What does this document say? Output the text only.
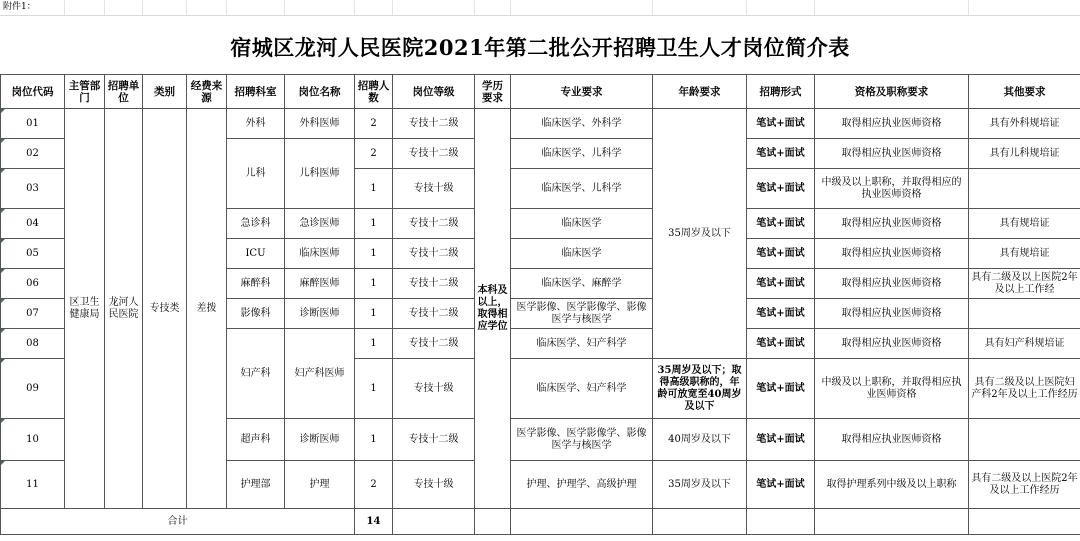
附件1：
宿城区龙河人民医院2021年第二批公开招聘卫生人才岗位简介表
岗位代码	主管部门	招聘单位	类别	经费来源	招聘科室	岗位名称	招聘人数	岗位等级	学历要求	专业要求	年龄要求	招聘形式	资格及职称要求	其他要求
01	区卫生健康局	龙河人民医院	专技类	差拨	外科	外科医师	2	专技十二级	本科及以上，取得相应学位	临床医学、外科学	35周岁及以下	笔试+面试	取得相应执业医师资格	具有外科规培证
02					儿科	儿科医师	2	专技十二级		临床医学、儿科学		笔试+面试	取得相应执业医师资格	具有儿科规培证
03							1	专技十级		临床医学、儿科学		笔试+面试	中级及以上职称，并取得相应的执业医师资格	
04					急诊科	急诊医师	1	专技十二级		临床医学		笔试+面试	取得相应执业医师资格	具有规培证
05					ICU	临床医师	1	专技十二级		临床医学		笔试+面试	取得相应执业医师资格	具有规培证
06					麻醉科	麻醉医师	1	专技十二级		临床医学、麻醉学		笔试+面试	取得相应执业医师资格	具有二级及以上医院2年及以上工作经
07					影像科	诊断医师	1	专技十二级		医学影像、医学影像学、影像医学与核医学		笔试+面试	取得相应执业医师资格	
08					妇产科	妇产科医师	1	专技十二级		临床医学、妇产科学		笔试+面试	取得相应执业医师资格	具有妇产科规培证
09							1	专技十级		临床医学、妇产科学	35周岁及以下；取得高级职称的，年龄可放宽至40周岁及以下	笔试+面试	中级及以上职称，并取得相应执业医师资格	具有二级及以上医院妇产科2年及以上工作经历
10					超声科	诊断医师	1	专技十二级		医学影像、医学影像学、影像医学与核医学	40周岁及以下	笔试+面试	取得相应执业医师资格	
11					护理部	护理	2	专技十级		护理、护理学、高级护理	35周岁及以下	笔试+面试	取得护理系列中级及以上职称	具有二级及以上医院2年及以上工作经历
合计							14							
